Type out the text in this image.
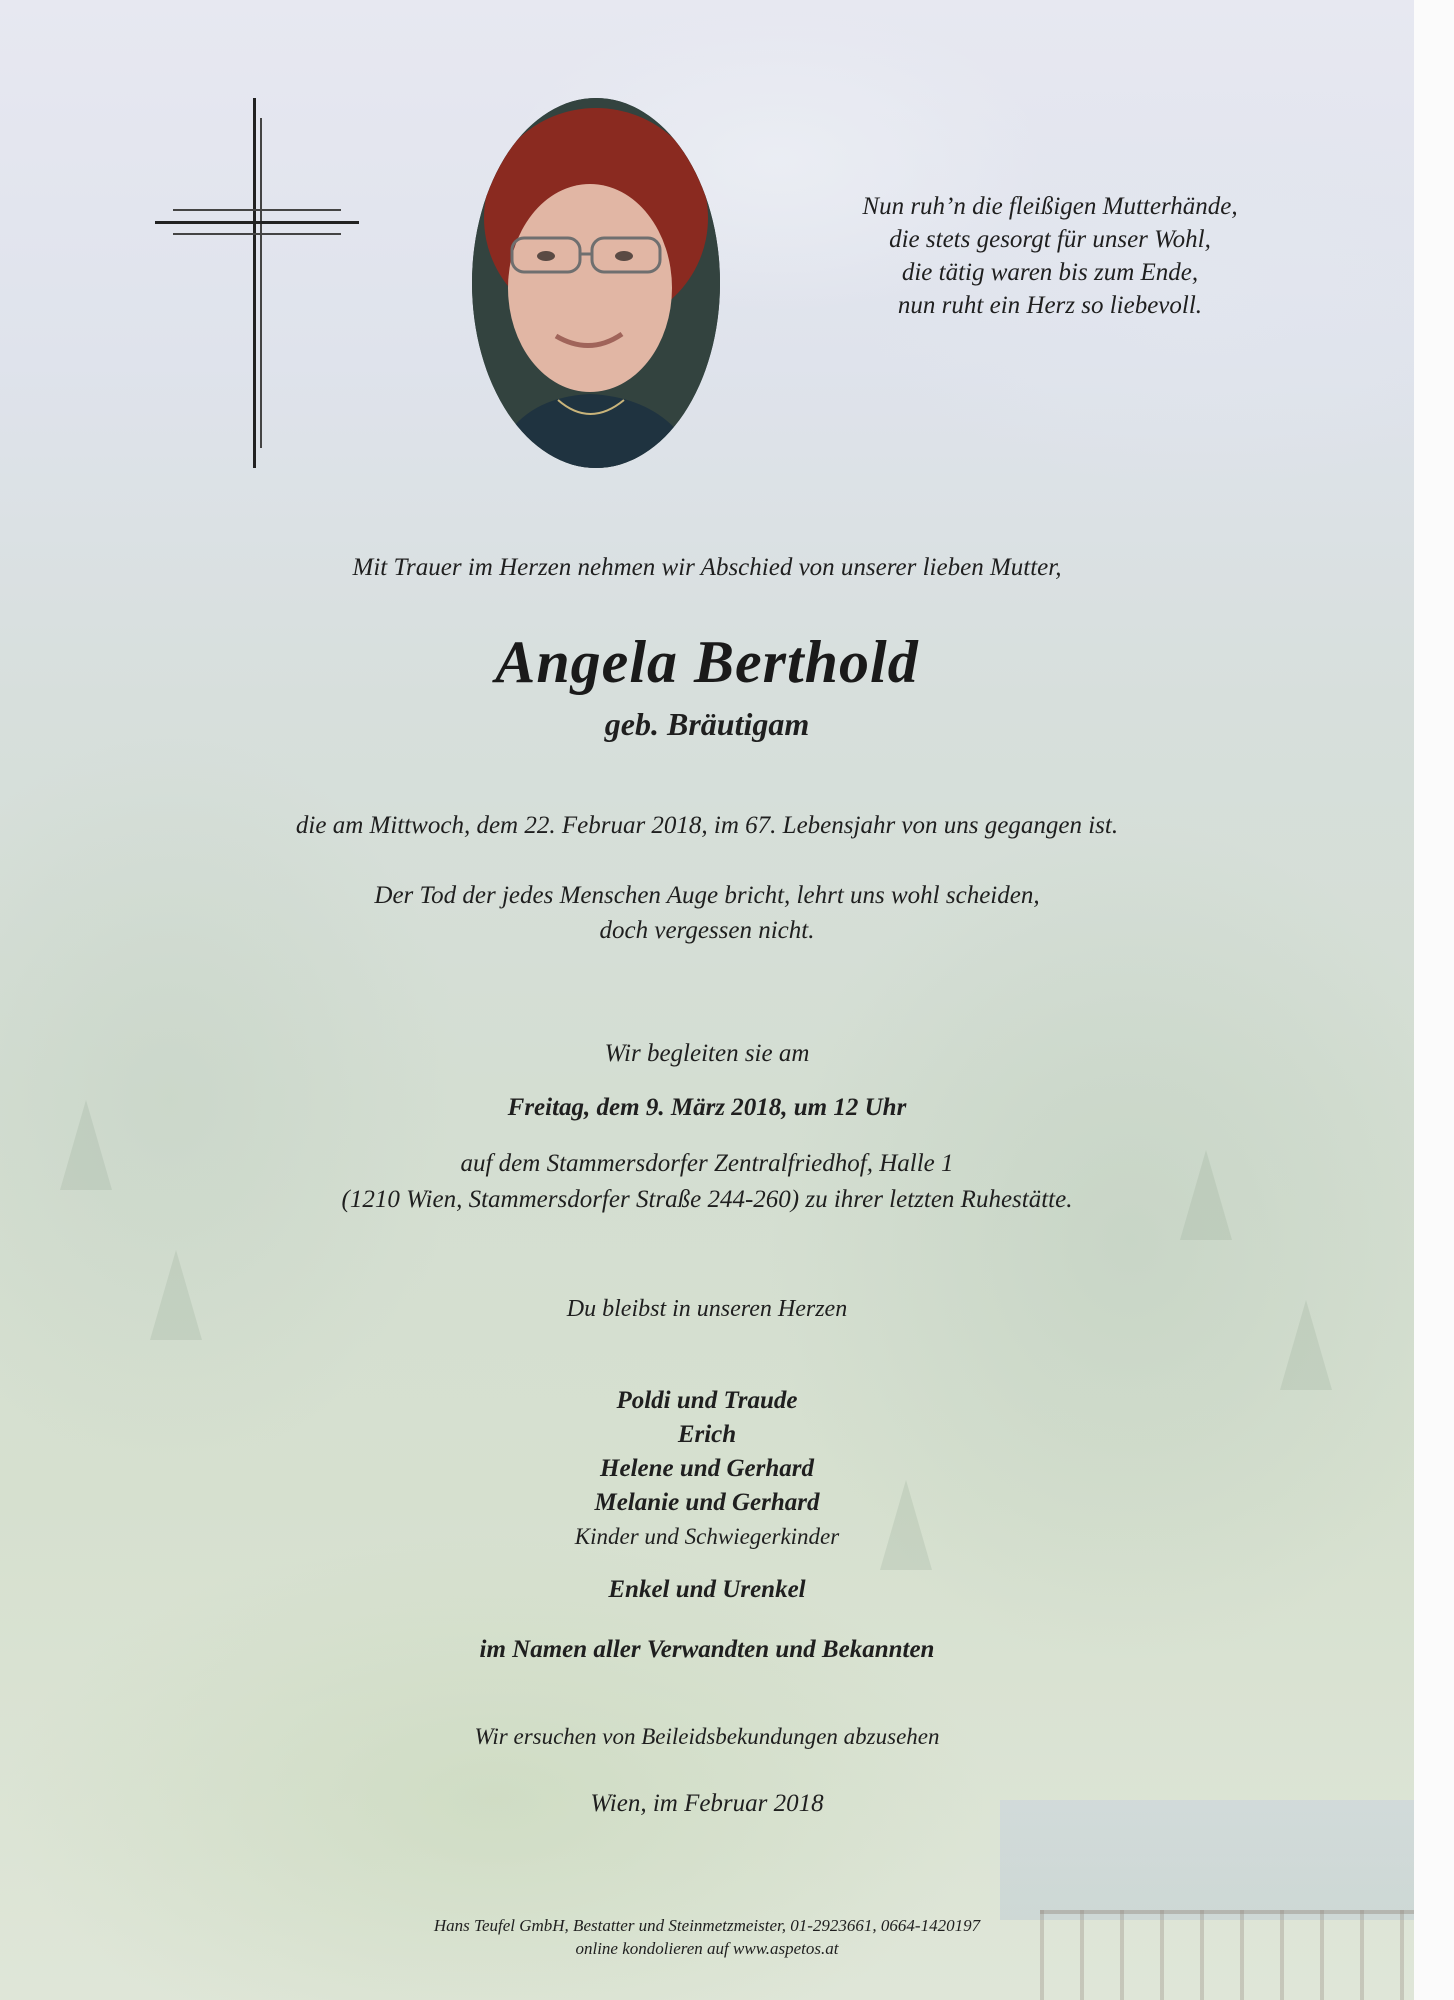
Nun ruh’n die fleißigen Mutterhände,
die stets gesorgt für unser Wohl,
die tätig waren bis zum Ende,
nun ruht ein Herz so liebevoll.
Mit Trauer im Herzen nehmen wir Abschied von unserer lieben Mutter,
Angela Berthold
geb. Bräutigam
die am Mittwoch, dem 22. Februar 2018, im 67. Lebensjahr von uns gegangen ist.
Der Tod der jedes Menschen Auge bricht, lehrt uns wohl scheiden,
doch vergessen nicht.
Wir begleiten sie am
Freitag, dem 9. März 2018, um 12 Uhr
auf dem Stammersdorfer Zentralfriedhof, Halle 1
(1210 Wien, Stammersdorfer Straße 244-260) zu ihrer letzten Ruhestätte.
Du bleibst in unseren Herzen
Poldi und Traude
Erich
Helene und Gerhard
Melanie und Gerhard
Kinder und Schwiegerkinder
Enkel und Urenkel
im Namen aller Verwandten und Bekannten
Wir ersuchen von Beileidsbekundungen abzusehen
Wien, im Februar 2018
Hans Teufel GmbH, Bestatter und Steinmetzmeister, 01-2923661, 0664-1420197
online kondolieren auf www.aspetos.at
